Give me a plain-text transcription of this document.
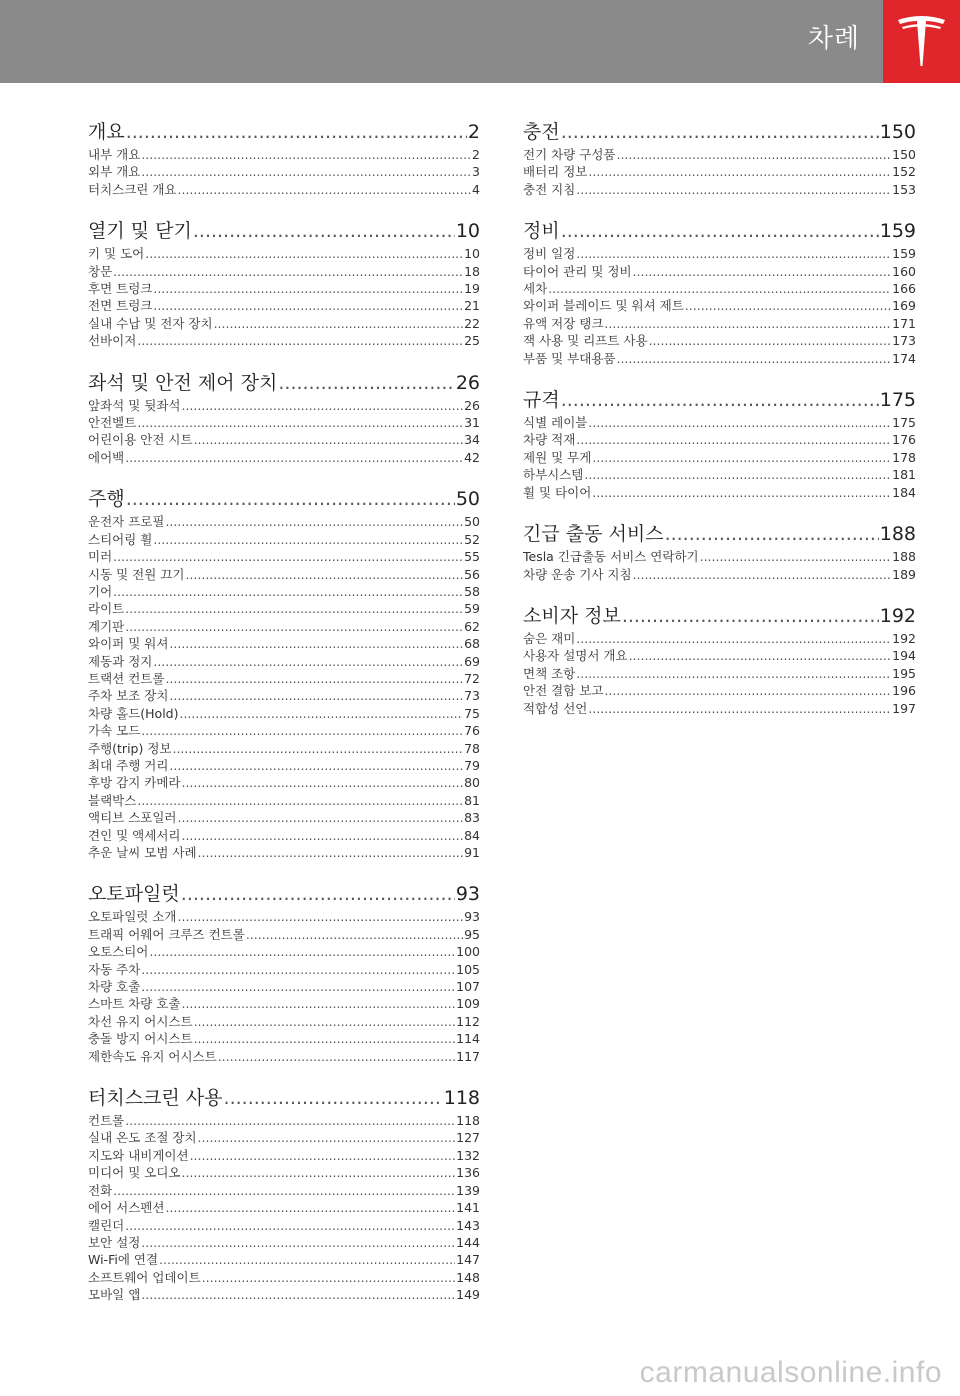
차례
개요 .....	2
내부 개요 .....	2
외부 개요 .....	3
터치스크린 개요 .....	4
열기 및 닫기 .....	10
키 및 도어 .....	10
창문 .....	18
후면 트렁크 .....	19
전면 트렁크 .....	21
실내 수납 및 전자 장치 .....	22
선바이저 .....	25
좌석 및 안전 제어 장치 .....	26
앞좌석 및 뒷좌석 .....	26
안전벨트 .....	31
어린이용 안전 시트 .....	34
에어백 .....	42
주행 .....	50
운전자 프로필 .....	50
스티어링 휠 .....	52
미러 .....	55
시동 및 전원 끄기 .....	56
기어 .....	58
라이트 .....	59
계기판 .....	62
와이퍼 및 워셔 .....	68
제동과 정지 .....	69
트랙션 컨트롤 .....	72
주차 보조 장치 .....	73
차량 홀드(Hold) .....	75
가속 모드 .....	76
주행(trip) 정보 .....	78
최대 주행 거리 .....	79
후방 감지 카메라 .....	80
블랙박스 .....	81
액티브 스포일러 .....	83
견인 및 액세서리 .....	84
추운 날씨 모범 사례 .....	91
오토파일럿 .....	93
오토파일럿 소개 .....	93
트래픽 어웨어 크루즈 컨트롤 .....	95
오토스티어 .....	100
자동 주차 .....	105
차량 호출 .....	107
스마트 차량 호출 .....	109
차선 유지 어시스트 .....	112
충돌 방지 어시스트 .....	114
제한속도 유지 어시스트 .....	117
터치스크린 사용 .....	118
컨트롤 .....	118
실내 온도 조절 장치 .....	127
지도와 내비게이션 .....	132
미디어 및 오디오 .....	136
전화 .....	139
에어 서스펜션 .....	141
캘린더 .....	143
보안 설정 .....	144
Wi-Fi에 연결 .....	147
소프트웨어 업데이트 .....	148
모바일 앱 .....	149
충전 .....	150
전기 차량 구성품 .....	150
배터리 정보 .....	152
충전 지침 .....	153
정비 .....	159
정비 일정 .....	159
타이어 관리 및 정비 .....	160
세차 .....	166
와이퍼 블레이드 및 워셔 제트 .....	169
유액 저장 탱크 .....	171
잭 사용 및 리프트 사용 .....	173
부품 및 부대용품 .....	174
규격 .....	175
식별 레이블 .....	175
차량 적재 .....	176
제원 및 무게 .....	178
하부시스템 .....	181
휠 및 타이어 .....	184
긴급 출동 서비스 .....	188
Tesla 긴급출동 서비스 연락하기 .....	188
차량 운송 기사 지침 .....	189
소비자 정보 .....	192
숨은 재미 .....	192
사용자 설명서 개요 .....	194
면책 조항 .....	195
안전 결함 보고 .....	196
적합성 선언 .....	197
carmanualsonline.info
